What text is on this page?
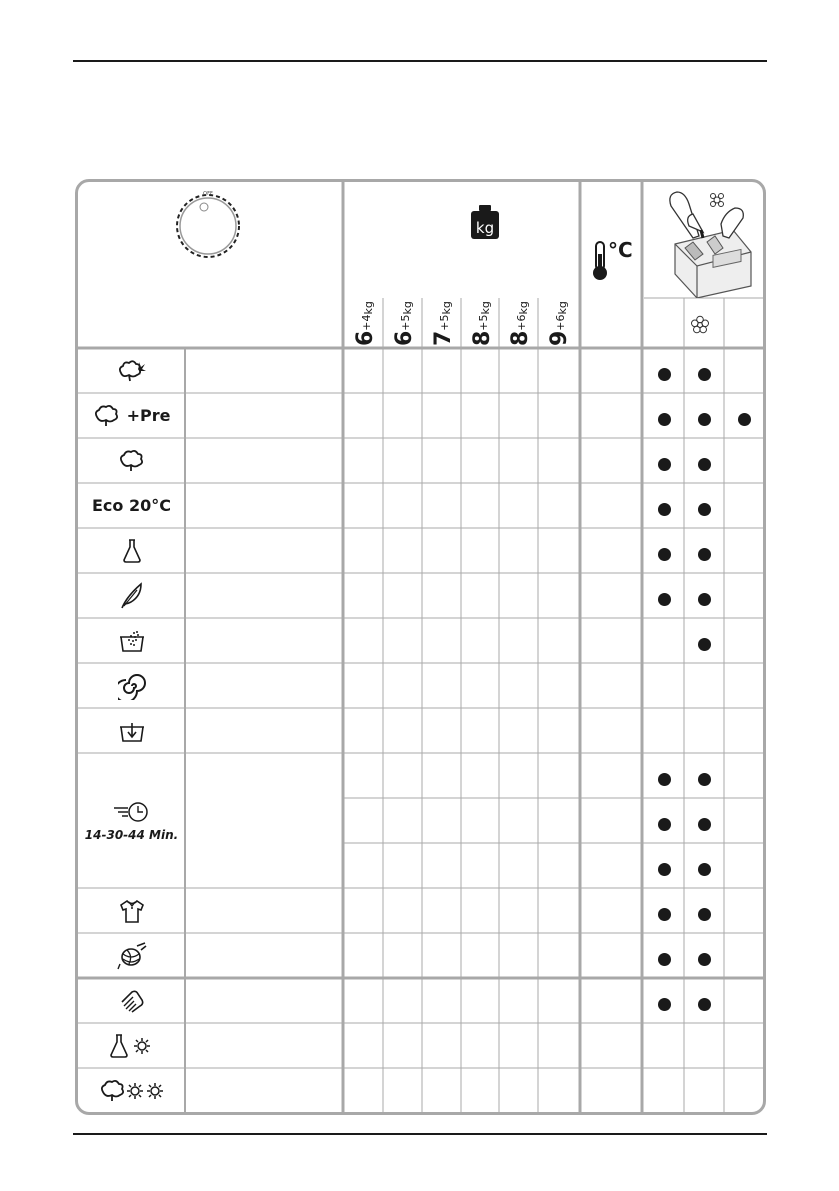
OFF
kg
$6_{+4}kg$
$6_{+5}kg$
$7_{+5}kg$
$8_{+5}kg$
$8_{+6}kg$
$9_{+6}kg$
°C
+Pre
Eco 20°C
14-30-44 Min.
